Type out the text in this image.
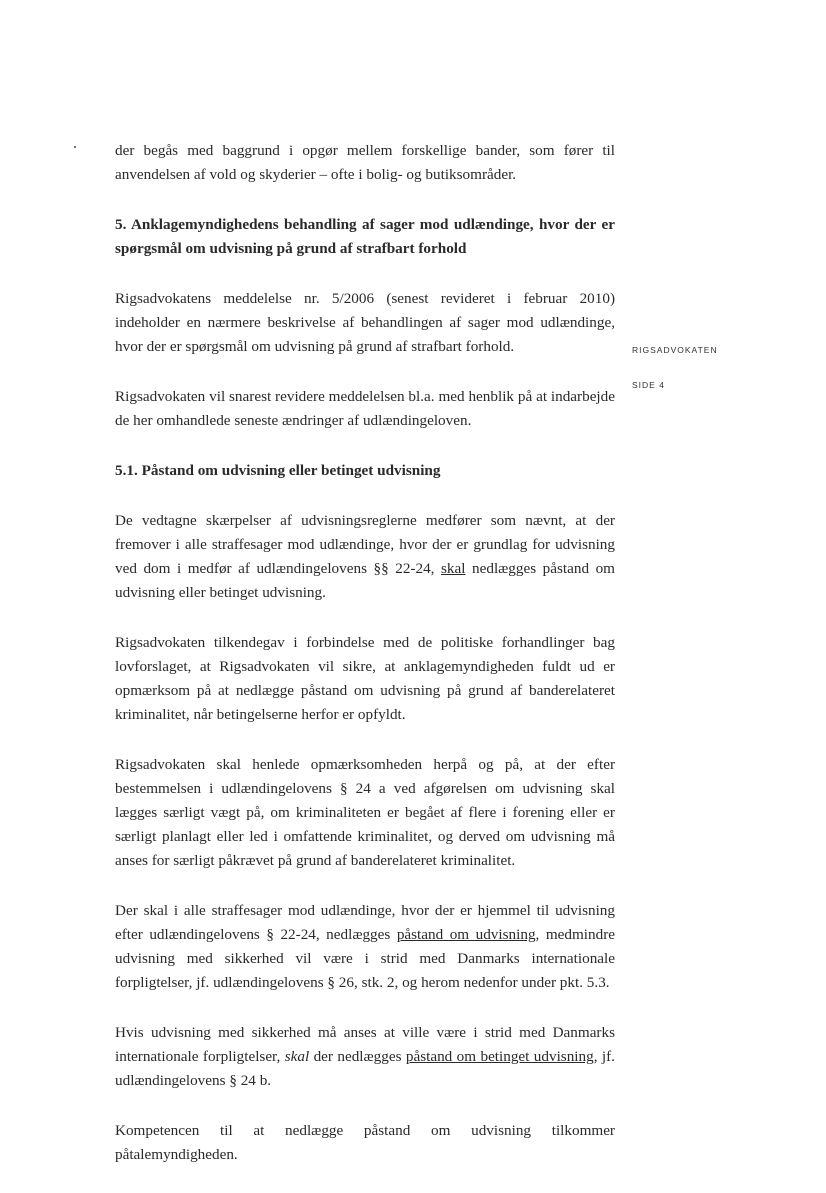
RIGSADVOKATEN
SIDE 4

der begås med baggrund i opgør mellem forskellige bander, som fører til anvendelsen af vold og skyderier – ofte i bolig- og butiksområder.

5. Anklagemyndighedens behandling af sager mod udlændinge, hvor der er spørgsmål om udvisning på grund af strafbart forhold

Rigsadvokatens meddelelse nr. 5/2006 (senest revideret i februar 2010) indeholder en nærmere beskrivelse af behandlingen af sager mod udlændinge, hvor der er spørgsmål om udvisning på grund af strafbart forhold.

Rigsadvokaten vil snarest revidere meddelelsen bl.a. med henblik på at indarbejde de her omhandlede seneste ændringer af udlændingeloven.

5.1. Påstand om udvisning eller betinget udvisning

De vedtagne skærpelser af udvisningsreglerne medfører som nævnt, at der fremover i alle straffesager mod udlændinge, hvor der er grundlag for udvisning ved dom i medfør af udlændingelovens §§ 22-24, skal nedlægges påstand om udvisning eller betinget udvisning.

Rigsadvokaten tilkendegav i forbindelse med de politiske forhandlinger bag lovforslaget, at Rigsadvokaten vil sikre, at anklagemyndigheden fuldt ud er opmærksom på at nedlægge påstand om udvisning på grund af banderelateret kriminalitet, når betingelserne herfor er opfyldt.

Rigsadvokaten skal henlede opmærksomheden herpå og på, at der efter bestemmelsen i udlændingelovens § 24 a ved afgørelsen om udvisning skal lægges særligt vægt på, om kriminaliteten er begået af flere i forening eller er særligt planlagt eller led i omfattende kriminalitet, og derved om udvisning må anses for særligt påkrævet på grund af banderelateret kriminalitet.

Der skal i alle straffesager mod udlændinge, hvor der er hjemmel til udvisning efter udlændingelovens § 22-24, nedlægges påstand om udvisning, medmindre udvisning med sikkerhed vil være i strid med Danmarks internationale forpligtelser, jf. udlændingelovens § 26, stk. 2, og herom nedenfor under pkt. 5.3.

Hvis udvisning med sikkerhed må anses at ville være i strid med Danmarks internationale forpligtelser, skal der nedlægges påstand om betinget udvisning, jf. udlændingelovens § 24 b.

Kompetencen til at nedlægge påstand om udvisning tilkommer påtalemyndigheden.
